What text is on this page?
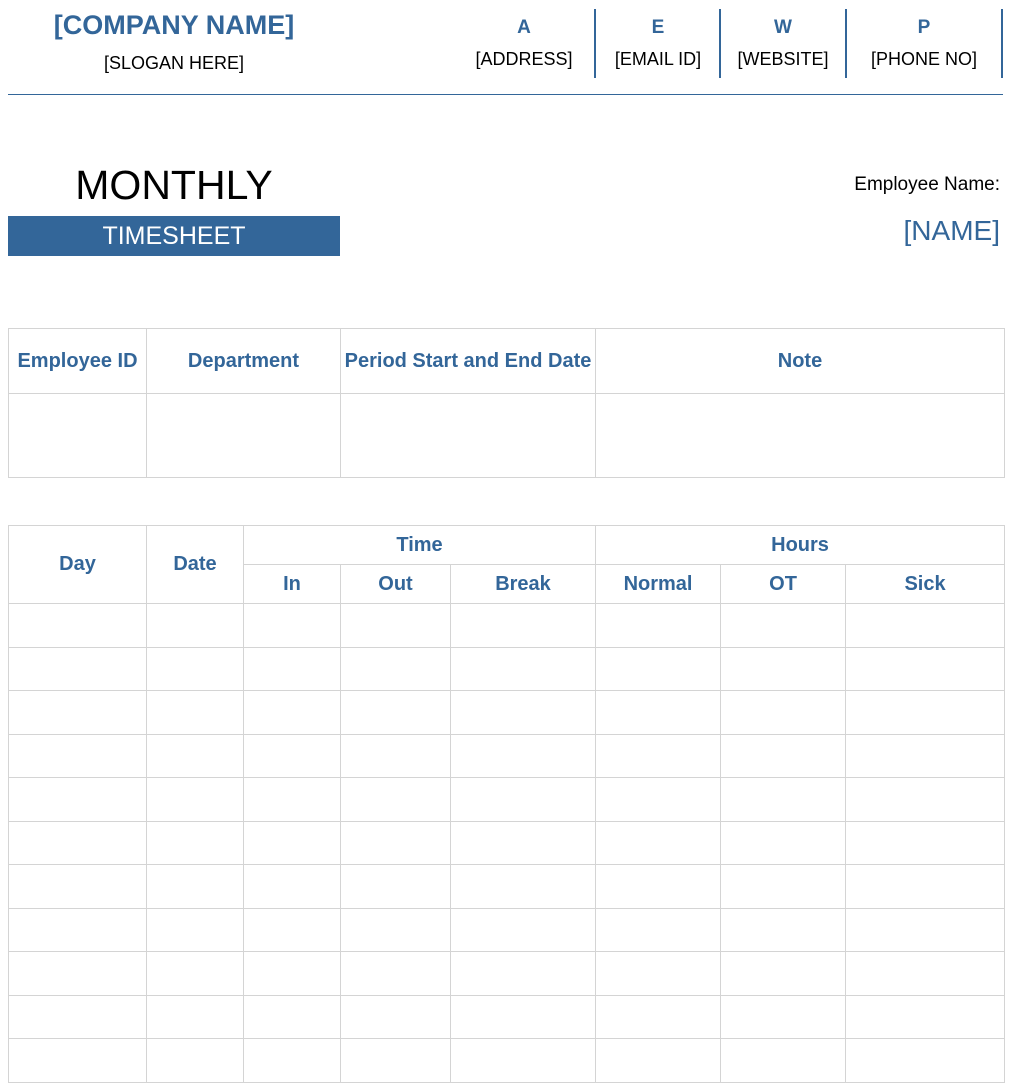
[COMPANY NAME]
[SLOGAN HERE]
A
[ADDRESS]
E
[EMAIL ID]
W
[WEBSITE]
P
[PHONE NO]
MONTHLY
TIMESHEET
Employee Name:
[NAME]
Employee ID	Department	Period Start and End Date	Note

Day	Date	Time			Hours		
		In	Out	Break	Normal	OT	Sick
